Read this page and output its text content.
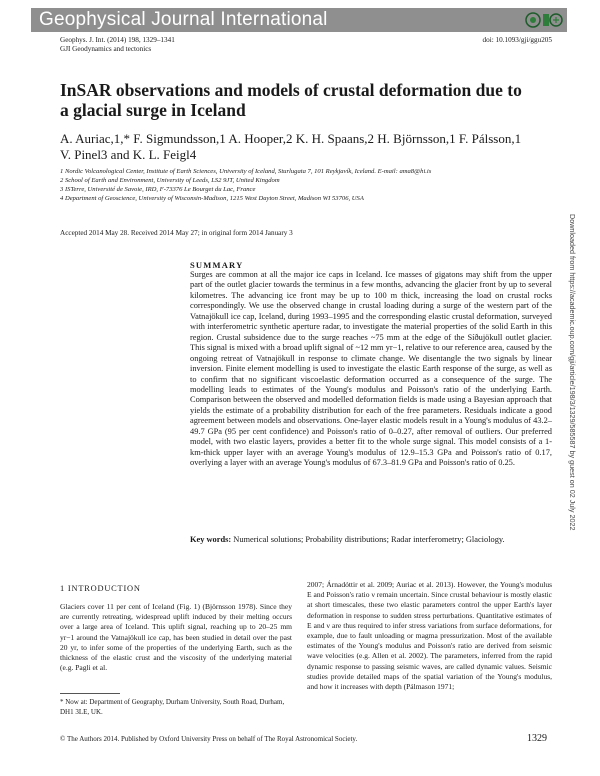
Geophysical Journal International
Geophys. J. Int. (2014) 198, 1329–1341
GJI Geodynamics and tectonics
doi: 10.1093/gji/ggu205
InSAR observations and models of crustal deformation due to a glacial surge in Iceland
A. Auriac,1,* F. Sigmundsson,1 A. Hooper,2 K. H. Spaans,2 H. Björnsson,1 F. Pálsson,1
V. Pinel3 and K. L. Feigl4
1 Nordic Volcanological Center, Institute of Earth Sciences, University of Iceland, Sturlugata 7, 101 Reykjavík, Iceland. E-mail: ama8@hi.is
2 School of Earth and Environment, University of Leeds, LS2 9JT, United Kingdom
3 ISTerre, Université de Savoie, IRD, F-73376 Le Bourget du Lac, France
4 Department of Geoscience, University of Wisconsin-Madison, 1215 West Dayton Street, Madison WI 53706, USA
Accepted 2014 May 28. Received 2014 May 27; in original form 2014 January 3
SUMMARY
Surges are common at all the major ice caps in Iceland. Ice masses of gigatons may shift from the upper part of the outlet glacier towards the terminus in a few months, advancing the glacier front by up to several kilometres. The advancing ice front may be up to 100 m thick, increasing the load on crustal rocks correspondingly. We use the observed change in crustal loading during a surge of the western part of the Vatnajökull ice cap, Iceland, during 1993–1995 and the corresponding elastic crustal deformation, surveyed with interferometric synthetic aperture radar, to investigate the material properties of the solid Earth in this region. Crustal subsidence due to the surge reaches ~75 mm at the edge of the Síðujökull outlet glacier. This signal is mixed with a broad uplift signal of ~12 mm yr−1, relative to our reference area, caused by the ongoing retreat of Vatnajökull in response to climate change. We disentangle the two signals by linear inversion. Finite element modelling is used to investigate the elastic Earth response of the surge, as well as to confirm that no significant viscoelastic deformation occurred as a consequence of the surge. The modelling leads to estimates of the Young's modulus and Poisson's ratio of the underlying Earth. Comparison between the observed and modelled deformation fields is made using a Bayesian approach that yields the estimate of a probability distribution for each of the free parameters. Residuals indicate a good agreement between models and observations. One-layer elastic models result in a Young's modulus of 43.2–49.7 GPa (95 per cent confidence) and Poisson's ratio of 0–0.27, after removal of outliers. Our preferred model, with two elastic layers, provides a better fit to the whole surge signal. This model consists of a 1-km-thick upper layer with an average Young's modulus of 12.9–15.3 GPa and Poisson's ratio of 0.17, overlying a layer with an average Young's modulus of 67.3–81.9 GPa and Poisson's ratio of 0.25.
Key words: Numerical solutions; Probability distributions; Radar interferometry; Glaciology.
1 INTRODUCTION
Glaciers cover 11 per cent of Iceland (Fig. 1) (Björnsson 1978). Since they are currently retreating, widespread uplift induced by their melting occurs over a large area of Iceland. This uplift signal, reaching up to 20–25 mm yr−1 around the Vatnajökull ice cap, has been studied in detail over the past 20 yr, to infer some of the properties of the underlying Earth, such as the thickness of the elastic crust and the viscosity of the underlying material (e.g. Pagli et al.
2007; Árnadóttir et al. 2009; Auriac et al. 2013). However, the Young's modulus E and Poisson's ratio ν remain uncertain. Since crustal behaviour is mostly elastic at short timescales, these two elastic parameters control the upper Earth's layer deformation in response to sudden stress perturbations. Quantitative estimates of E and ν are thus required to infer stress variations from surface deformations, for example, due to fault unloading or magma pressurization. Most of the available estimates of the Young's modulus and Poisson's ratio are derived from seismic wave velocities (e.g. Allen et al. 2002). The parameters, inferred from the rapid dynamic response to passing seismic waves, are called dynamic values. Seismic studies provide detailed maps of the spatial variation of the Young's modulus, and how it increases with depth (Pálmason 1971;
* Now at: Department of Geography, Durham University, South Road, Durham, DH1 3LE, UK.
© The Authors 2014. Published by Oxford University Press on behalf of The Royal Astronomical Society.	1329
Downloaded from https://academic.oup.com/gji/article/198/3/1329/585587 by guest on 02 July 2022
